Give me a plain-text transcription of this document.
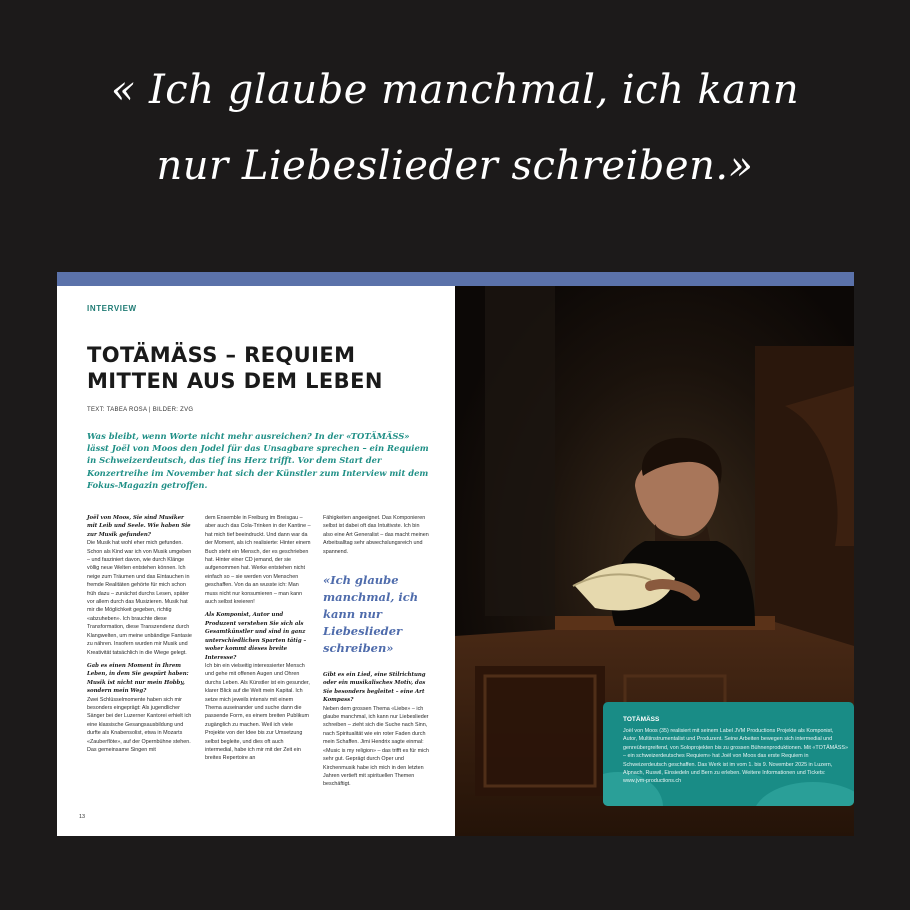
« Ich glaube manchmal, ich kann
nur Liebeslieder schreiben.»
INTERVIEW
TOTÄMÄSS – REQUIEM
MITTEN AUS DEM LEBEN
TEXT: TABEA ROSA | BILDER: ZVG
Was bleibt, wenn Worte nicht mehr ausreichen? In der «TOTÄMÄSS» lässt Joël von Moos den Jodel für das Unsagbare sprechen – ein Requiem in Schweizerdeutsch, das tief ins Herz trifft. Vor dem Start der Konzertreihe im November hat sich der Künstler zum Interview mit dem Fokus-Magazin getroffen.

Joël von Moos, Sie sind Musiker mit Leib und Seele. Wie haben Sie zur Musik gefunden?

Die Musik hat wohl eher mich gefunden. Schon als Kind war ich von Musik umgeben – und fasziniert davon, wie durch Klänge völlig neue Welten entstehen können. Ich neige zum Träumen und das Eintauchen in fremde Realitäten gehörte für mich schon früh dazu – zunächst durchs Lesen, später vor allem durch das Musizieren. Musik hat mir die Möglichkeit gegeben, richtig «abzuheben». Ich brauchte diese Transformation, diese Transzendenz durch Klangwelten, um meine unbändige Fantasie zu nähren. Insofern wurden mir Musik und Kreativität tatsächlich in die Wiege gelegt.

Gab es einen Moment in Ihrem Leben, in dem Sie gespürt haben: Musik ist nicht nur mein Hobby, sondern mein Weg?

Zwei Schlüsselmomente haben sich mir besonders eingeprägt: Als jugendlicher Sänger bei der Luzerner Kantorei erhielt ich eine klassische Gesangsausbildung und durfte als Knabensolist, etwa in Mozarts «Zauberflöte», auf der Opernbühne stehen. Das gemeinsame Singen mit

dem Ensemble in Freiburg im Breisgau – aber auch das Cola-Trinken in der Kantine – hat mich tief beeindruckt. Und dann war da der Moment, als ich realisierte: Hinter einem Buch steht ein Mensch, der es geschrieben hat. Hinter einer CD jemand, der sie aufgenommen hat. Werke entstehen nicht einfach so – sie werden von Menschen geschaffen. Von da an wusste ich: Man muss nicht nur konsumieren – man kann auch selbst kreieren!

Als Komponist, Autor und Produzent verstehen Sie sich als Gesamtkünstler und sind in ganz unterschiedlichen Sparten tätig – woher kommt dieses breite Interesse?

Ich bin ein vielseitig interessierter Mensch und gehe mit offenen Augen und Ohren durchs Leben. Als Künstler ist ein gesunder, klarer Blick auf die Welt mein Kapital. Ich setze mich jeweils intensiv mit einem Thema auseinander und suche dann die passende Form, es einem breiten Publikum zugänglich zu machen. Weil ich viele Projekte von der Idee bis zur Umsetzung selbst begleite, und dies oft auch intermedial, habe ich mir mit der Zeit ein breites Repertoire an

Fähigkeiten angeeignet. Das Komponieren selbst ist dabei oft das Intuitivste. Ich bin also eine Art Generalist – das macht meinen Arbeitsalltag sehr abwechslungsreich und spannend.

«Ich glaube manchmal, ich kann nur Liebeslieder schreiben»

Gibt es ein Lied, eine Stilrichtung oder ein musikalisches Motiv, das Sie besonders begleitet – eine Art Kompass?

Neben dem grossen Thema «Liebe» – ich glaube manchmal, ich kann nur Liebeslieder schreiben – zieht sich die Suche nach Sinn, nach Spiritualität wie ein roter Faden durch mein Schaffen. Jimi Hendrix sagte einmal: «Music is my religion» – das trifft es für mich sehr gut. Geprägt durch Oper und Kirchenmusik habe ich mich in den letzten Jahren vertieft mit spirituellen Themen beschäftigt.

13
TOTÄMÄSS
Joël von Moos (35) realisiert mit seinem Label JVM Productions Projekte als Komponist, Autor, Multiinstrumentalist und Produzent. Seine Arbeiten bewegen sich intermedial und genreübergreifend, von Soloprojekten bis zu grossen Bühnenproduktionen. Mit «TOTÄMÄSS» – ein schweizerdeutsches Requiem» hat Joël von Moos das erste Requiem in Schweizerdeutsch geschaffen. Das Werk ist im vom 1. bis 9. November 2025 in Luzern, Alpnach, Ruswil, Einsiedeln und Bern zu erleben. Weitere Informationen und Tickets: www.jvm-productions.ch
